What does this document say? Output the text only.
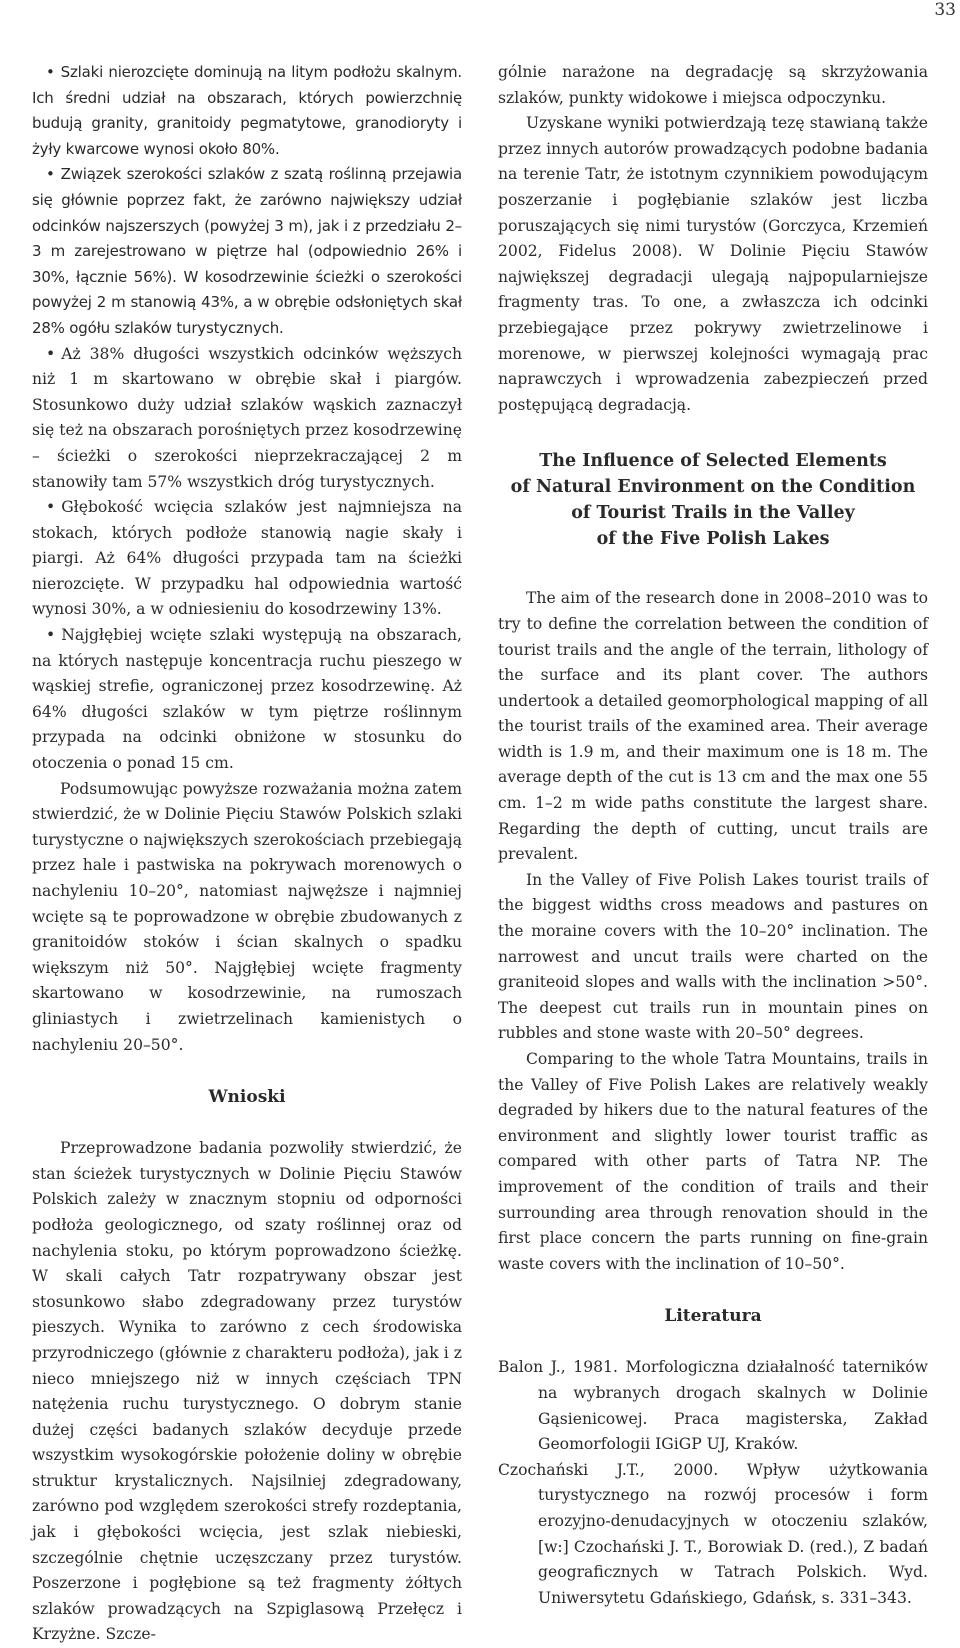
33

• Szlaki nierozcięte dominują na litym podłożu skalnym. Ich średni udział na obszarach, których powierzchnię budują granity, granitoidy pegmatytowe, granodioryty i żyły kwarcowe wynosi około 80%.

• Związek szerokości szlaków z szatą roślinną przejawia się głównie poprzez fakt, że zarówno największy udział odcinków najszerszych (powyżej 3 m), jak i z przedziału 2–3 m zarejestrowano w piętrze hal (odpowiednio 26% i 30%, łącznie 56%). W kosodrzewinie ścieżki o szerokości powyżej 2 m stanowią 43%, a w obrębie odsłoniętych skał 28% ogółu szlaków turystycznych.

• Aż 38% długości wszystkich odcinków węższych niż 1 m skartowano w obrębie skał i piargów. Stosunkowo duży udział szlaków wąskich zaznaczył się też na obszarach porośniętych przez kosodrzewinę – ścieżki o szerokości nieprzekraczającej 2 m stanowiły tam 57% wszystkich dróg turystycznych.

• Głębokość wcięcia szlaków jest najmniejsza na stokach, których podłoże stanowią nagie skały i piargi. Aż 64% długości przypada tam na ścieżki nierozcięte. W przypadku hal odpowiednia wartość wynosi 30%, a w odniesieniu do kosodrzewiny 13%.

• Najgłębiej wcięte szlaki występują na obszarach, na których następuje koncentracja ruchu pieszego w wąskiej strefie, ograniczonej przez kosodrzewinę. Aż 64% długości szlaków w tym piętrze roślinnym przypada na odcinki obniżone w stosunku do otoczenia o ponad 15 cm.

Podsumowując powyższe rozważania można zatem stwierdzić, że w Dolinie Pięciu Stawów Polskich szlaki turystyczne o największych szerokościach przebiegają przez hale i pastwiska na pokrywach morenowych o nachyleniu 10–20°, natomiast najwęższe i najmniej wcięte są te poprowadzone w obrębie zbudowanych z granitoidów stoków i ścian skalnych o spadku większym niż 50°. Najgłębiej wcięte fragmenty skartowano w kosodrzewinie, na rumoszach gliniastych i zwietrzelinach kamienistych o nachyleniu 20–50°.

Wnioski

Przeprowadzone badania pozwoliły stwierdzić, że stan ścieżek turystycznych w Dolinie Pięciu Stawów Polskich zależy w znacznym stopniu od odporności podłoża geologicznego, od szaty roślinnej oraz od nachylenia stoku, po którym poprowadzono ścieżkę. W skali całych Tatr rozpatrywany obszar jest stosunkowo słabo zdegradowany przez turystów pieszych. Wynika to zarówno z cech środowiska przyrodniczego (głównie z charakteru podłoża), jak i z nieco mniejszego niż w innych częściach TPN natężenia ruchu turystycznego. O dobrym stanie dużej części badanych szlaków decyduje przede wszystkim wysokogórskie położenie doliny w obrębie struktur krystalicznych. Najsilniej zdegradowany, zarówno pod względem szerokości strefy rozdeptania, jak i głębokości wcięcia, jest szlak niebieski, szczególnie chętnie uczęszczany przez turystów. Poszerzone i pogłębione są też fragmenty żółtych szlaków prowadzących na Szpiglasową Przełęcz i Krzyżne. Szcze-

gólnie narażone na degradację są skrzyżowania szlaków, punkty widokowe i miejsca odpoczynku.

Uzyskane wyniki potwierdzają tezę stawianą także przez innych autorów prowadzących podobne badania na terenie Tatr, że istotnym czynnikiem powodującym poszerzanie i pogłębianie szlaków jest liczba poruszających się nimi turystów (Gorczyca, Krzemień 2002, Fidelus 2008). W Dolinie Pięciu Stawów największej degradacji ulegają najpopularniejsze fragmenty tras. To one, a zwłaszcza ich odcinki przebiegające przez pokrywy zwietrzelinowe i morenowe, w pierwszej kolejności wymagają prac naprawczych i wprowadzenia zabezpieczeń przed postępującą degradacją.

The Influence of Selected Elements
of Natural Environment on the Condition
of Tourist Trails in the Valley
of the Five Polish Lakes

The aim of the research done in 2008–2010 was to try to define the correlation between the condition of tourist trails and the angle of the terrain, lithology of the surface and its plant cover. The authors undertook a detailed geomorphological mapping of all the tourist trails of the examined area. Their average width is 1.9 m, and their maximum one is 18 m. The average depth of the cut is 13 cm and the max one 55 cm. 1–2 m wide paths constitute the largest share. Regarding the depth of cutting, uncut trails are prevalent.

In the Valley of Five Polish Lakes tourist trails of the biggest widths cross meadows and pastures on the moraine covers with the 10–20° inclination. The narrowest and uncut trails were charted on the graniteoid slopes and walls with the inclination >50°. The deepest cut trails run in mountain pines on rubbles and stone waste with 20–50° degrees.

Comparing to the whole Tatra Mountains, trails in the Valley of Five Polish Lakes are relatively weakly degraded by hikers due to the natural features of the environment and slightly lower tourist traffic as compared with other parts of Tatra NP. The improvement of the condition of trails and their surrounding area through renovation should in the first place concern the parts running on fine-grain waste covers with the inclination of 10–50°.

Literatura

Balon J., 1981. Morfologiczna działalność taterników na wybranych drogach skalnych w Dolinie Gąsienicowej. Praca magisterska, Zakład Geomorfologii IGiGP UJ, Kraków.

Czochański J.T., 2000. Wpływ użytkowania turystycznego na rozwój procesów i form erozyjno-denudacyjnych w otoczeniu szlaków, [w:] Czochański J. T., Borowiak D. (red.), Z badań geograficznych w Tatrach Polskich. Wyd. Uniwersytetu Gdańskiego, Gdańsk, s. 331–343.
